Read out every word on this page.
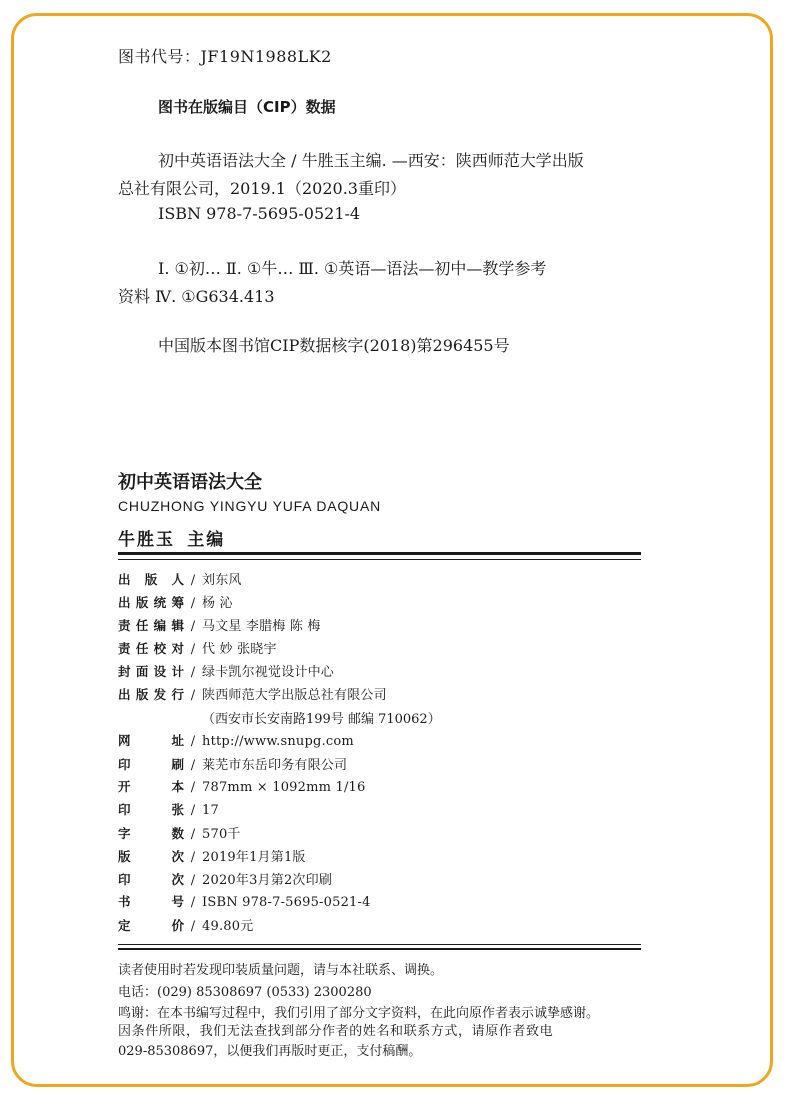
图书代号：JF19N1988LK2
图书在版编目（CIP）数据
初中英语语法大全 / 牛胜玉主编. —西安：陕西师范大学出版
总社有限公司，2019.1（2020.3重印）
ISBN 978-7-5695-0521-4
Ⅰ. ①初… Ⅱ. ①牛… Ⅲ. ①英语—语法—初中—教学参考
资料 Ⅳ. ①G634.413
中国版本图书馆CIP数据核字(2018)第296455号
初中英语语法大全
CHUZHONG YINGYU YUFA DAQUAN
牛胜玉 主编
出 版 人 / 刘东风
出 版 统 筹 / 杨 沁
责 任 编 辑 / 马文星 李腊梅 陈 梅
责 任 校 对 / 代 妙 张晓宇
封 面 设 计 / 绿卡凯尔视觉设计中心
出 版 发 行 / 陕西师范大学出版总社有限公司
（西安市长安南路199号 邮编 710062）
网	址 / http://www.snupg.com
印	刷 / 莱芜市东岳印务有限公司
开	本 / 787mm × 1092mm 1/16
印	张 / 17
字	数 / 570千
版	次 / 2019年1月第1版
印	次 / 2020年3月第2次印刷
书	号 / ISBN 978-7-5695-0521-4
定	价 / 49.80元
读者使用时若发现印装质量问题，请与本社联系、调换。
电话：(029) 85308697 (0533) 2300280
鸣谢：在本书编写过程中，我们引用了部分文字资料，在此向原作者表示诚挚感谢。
因条件所限，我们无法查找到部分作者的姓名和联系方式，请原作者致电
029-85308697，以便我们再版时更正，支付稿酬。
